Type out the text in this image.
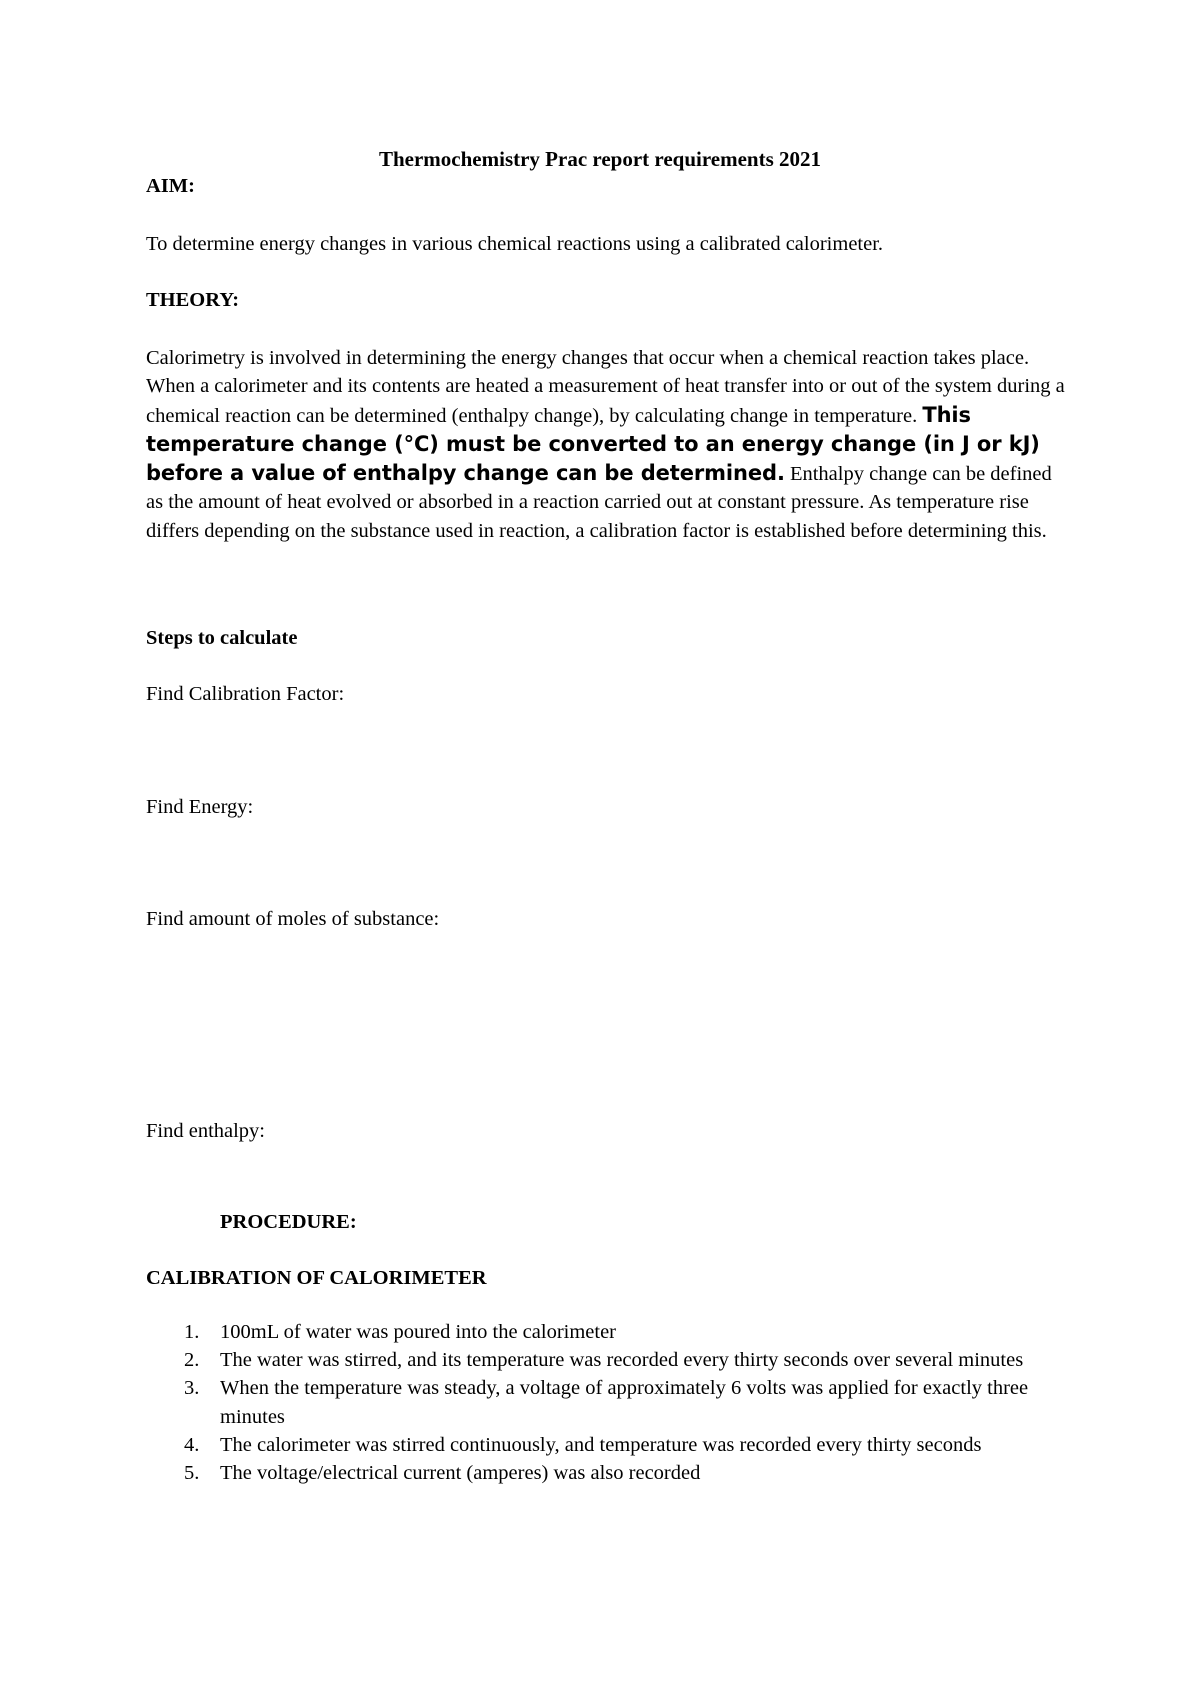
Thermochemistry Prac report requirements 2021

AIM:

To determine energy changes in various chemical reactions using a calibrated calorimeter.

THEORY:

Calorimetry is involved in determining the energy changes that occur when a chemical reaction takes place. When a calorimeter and its contents are heated a measurement of heat transfer into or out of the system during a chemical reaction can be determined (enthalpy change), by calculating change in temperature. This temperature change (°C) must be converted to an energy change (in J or kJ) before a value of enthalpy change can be determined. Enthalpy change can be defined as the amount of heat evolved or absorbed in a reaction carried out at constant pressure. As temperature rise differs depending on the substance used in reaction, a calibration factor is established before determining this.

Steps to calculate

Find Calibration Factor:

Find Energy:

Find amount of moles of substance:

Find enthalpy:

PROCEDURE:

CALIBRATION OF CALORIMETER

1. 100mL of water was poured into the calorimeter
2. The water was stirred, and its temperature was recorded every thirty seconds over several minutes
3. When the temperature was steady, a voltage of approximately 6 volts was applied for exactly three minutes
4. The calorimeter was stirred continuously, and temperature was recorded every thirty seconds
5. The voltage/electrical current (amperes) was also recorded
